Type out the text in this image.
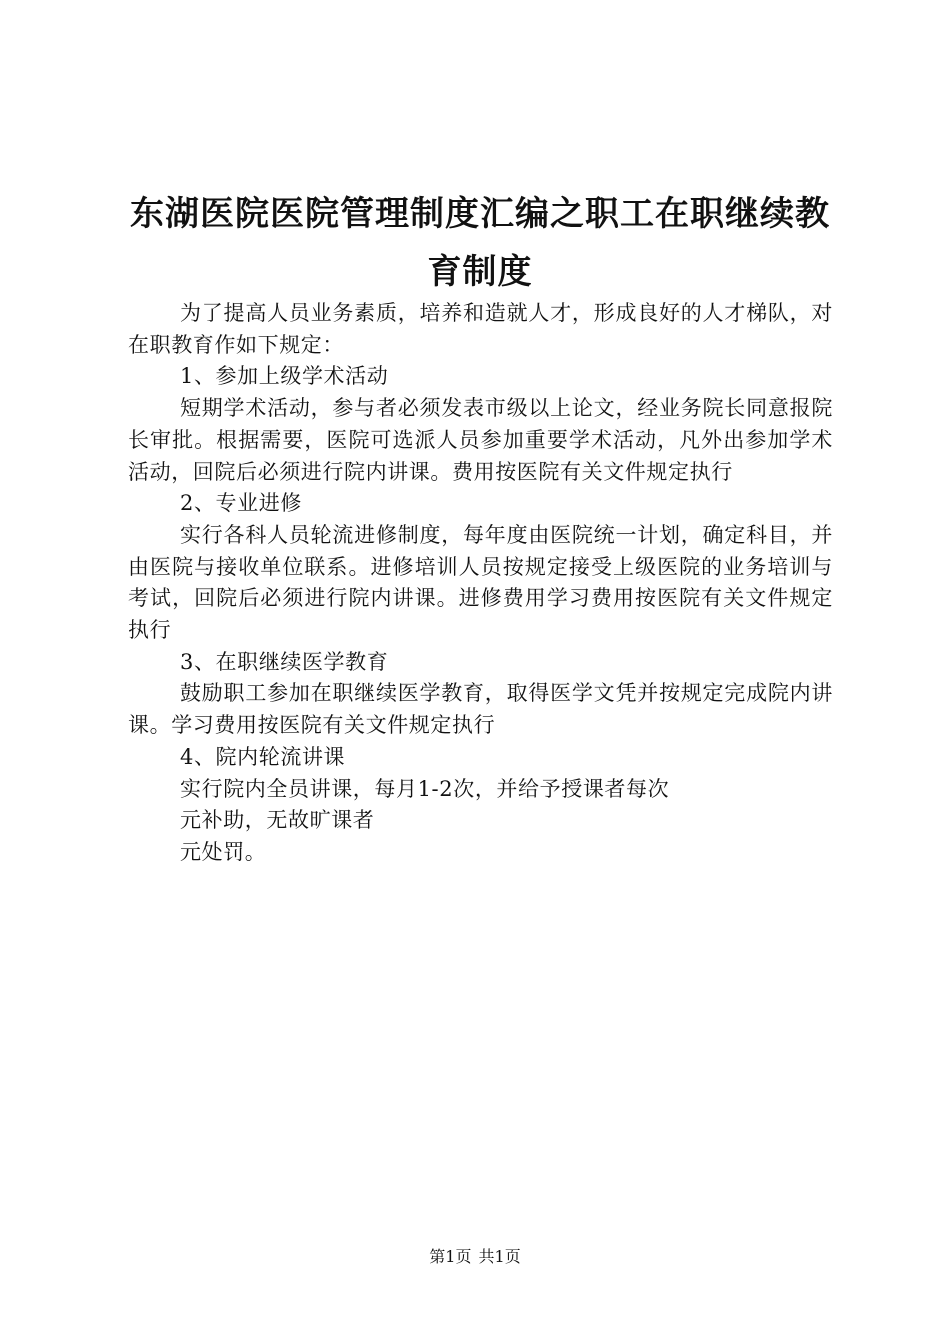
东湖医院医院管理制度汇编之职工在职继续教
育制度

为了提高人员业务素质，培养和造就人才，形成良好的人才梯队，对在职教育作如下规定：

1、参加上级学术活动

短期学术活动，参与者必须发表市级以上论文，经业务院长同意报院长审批。根据需要，医院可选派人员参加重要学术活动，凡外出参加学术活动，回院后必须进行院内讲课。费用按医院有关文件规定执行

2、专业进修

实行各科人员轮流进修制度，每年度由医院统一计划，确定科目，并由医院与接收单位联系。进修培训人员按规定接受上级医院的业务培训与考试，回院后必须进行院内讲课。进修费用学习费用按医院有关文件规定执行

3、在职继续医学教育

鼓励职工参加在职继续医学教育，取得医学文凭并按规定完成院内讲课。学习费用按医院有关文件规定执行

4、院内轮流讲课

实行院内全员讲课，每月1-2次，并给予授课者每次

元补助，无故旷课者

元处罚。

第1页 共1页
